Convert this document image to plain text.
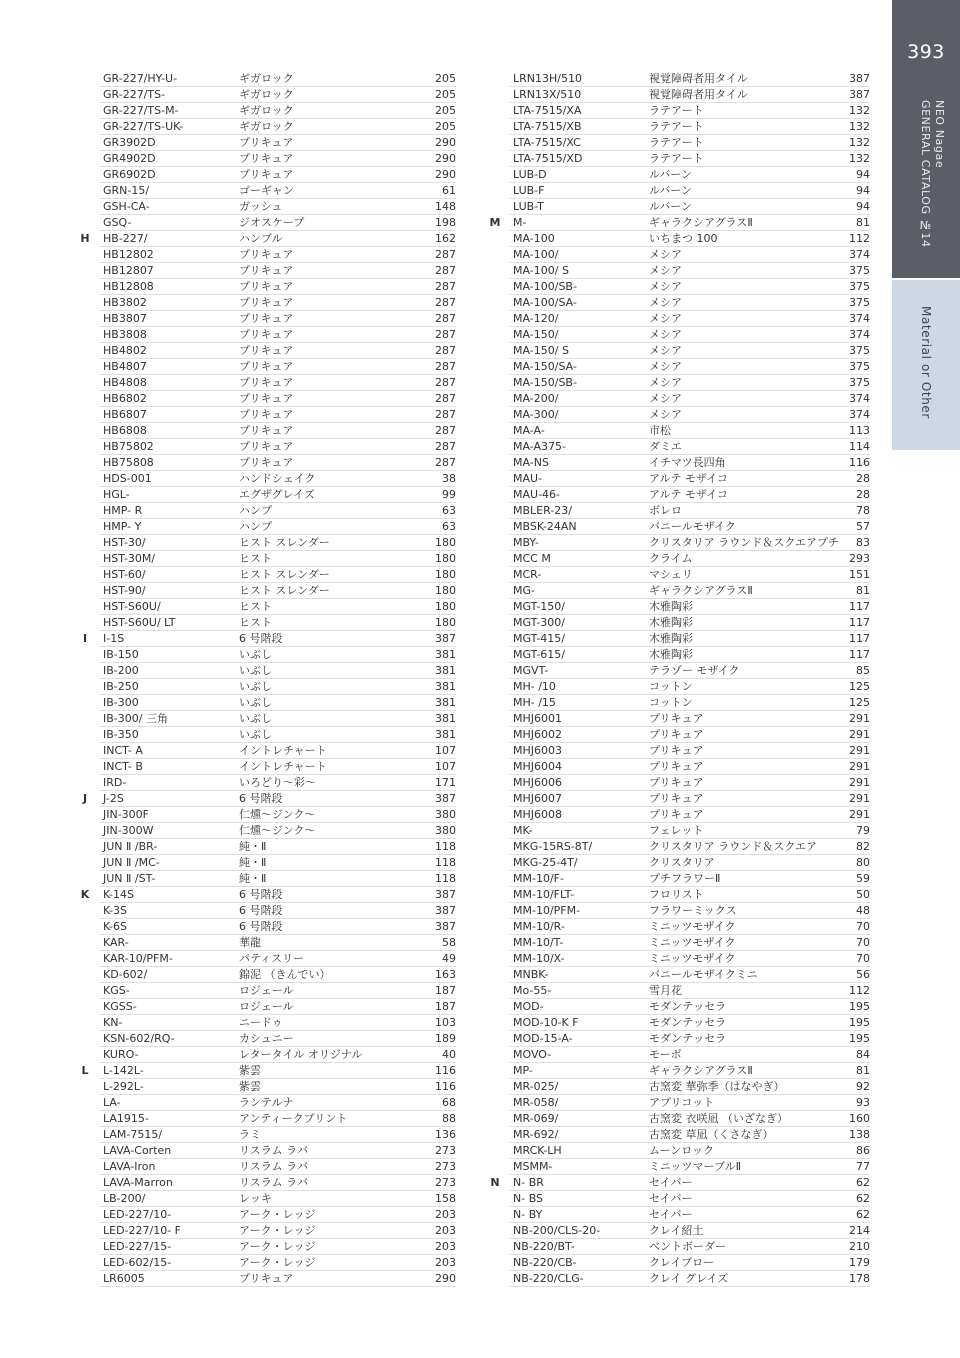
GR-227/HY-U-	ギガロック	205
GR-227/TS-	ギガロック	205
GR-227/TS-M-	ギガロック	205
GR-227/TS-UK-	ギガロック	205
GR3902D	プリキュア	290
GR4902D	プリキュア	290
GR6902D	プリキュア	290
GRN-15/	ゴーギャン	61
GSH-CA-	ガッシュ	148
GSQ-	ジオスケープ	198
H HB-227/	ハンブル	162
HB12802	プリキュア	287
HB12807	プリキュア	287
HB12808	プリキュア	287
HB3802	プリキュア	287
HB3807	プリキュア	287
HB3808	プリキュア	287
HB4802	プリキュア	287
HB4807	プリキュア	287
HB4808	プリキュア	287
HB6802	プリキュア	287
HB6807	プリキュア	287
HB6808	プリキュア	287
HB75802	プリキュア	287
HB75808	プリキュア	287
HDS-001	ハンドシェイク	38
HGL-	エグザグレイズ	99
HMP- R	ハンプ	63
HMP- Y	ハンプ	63
HST-30/	ヒスト スレンダー	180
HST-30M/	ヒスト	180
HST-60/	ヒスト スレンダー	180
HST-90/	ヒスト スレンダー	180
HST-S60U/	ヒスト	180
HST-S60U/ LT	ヒスト	180
I	I-1S	6 号階段	387
IB-150	いぶし	381
IB-200	いぶし	381
IB-250	いぶし	381
IB-300	いぶし	381
IB-300/ 三角	いぶし	381
IB-350	いぶし	381
INCT- A	イントレチャート	107
INCT- B	イントレチャート	107
IRD-	いろどり〜彩〜	171
J	J-2S	6 号階段	387
JIN-300F	仁燻〜ジンク〜	380
JIN-300W	仁燻〜ジンク〜	380
JUN Ⅱ /BR-	純・Ⅱ	118
JUN Ⅱ /MC-	純・Ⅱ	118
JUN Ⅱ /ST-	純・Ⅱ	118
K K-14S	6 号階段	387
K-3S	6 号階段	387
K-6S	6 号階段	387
KAR-	華龍	58
KAR-10/PFM-	パティスリー	49
KD-602/	錦泥 （きんでい）	163
KGS-	ロジェール	187
KGSS-	ロジェール	187
KN-	ニードゥ	103
KSN-602/RQ-	カシュニー	189
KURO-	レタータイル オリジナル	40
L	L-142L-	紫雲	116
L-292L-	紫雲	116
LA-	ランテルナ	68
LA1915-	アンティークプリント	88
LAM-7515/	ラミ	136
LAVA-Corten	リスラム ラバ	273
LAVA-Iron	リスラム ラバ	273
LAVA-Marron	リスラム ラバ	273
LB-200/	レッキ	158
LED-227/10-	アーク・レッジ	203
LED-227/10- F	アーク・レッジ	203
LED-227/15-	アーク・レッジ	203
LED-602/15-	アーク・レッジ	203
LR6005	プリキュア	290
LRN13H/510	視覚障碍者用タイル	387
LRN13X/510	視覚障碍者用タイル	387
LTA-7515/XA	ラテアート	132
LTA-7515/XB	ラテアート	132
LTA-7515/XC	ラテアート	132
LTA-7515/XD	ラテアート	132
LUB-D	ルバーン	94
LUB-F	ルバーン	94
LUB-T	ルバーン	94
M M-	ギャラクシアグラスⅡ	81
MA-100	いちまつ 100	112
MA-100/	メシア	374
MA-100/ S	メシア	375
MA-100/SB-	メシア	375
MA-100/SA-	メシア	375
MA-120/	メシア	374
MA-150/	メシア	374
MA-150/ S	メシア	375
MA-150/SA-	メシア	375
MA-150/SB-	メシア	375
MA-200/	メシア	374
MA-300/	メシア	374
MA-A-	市松	113
MA-A375-	ダミエ	114
MA-NS	イチマツ長四角	116
MAU-	アルテ モザイコ	28
MAU-46-	アルテ モザイコ	28
MBLER-23/	ボレロ	78
MBSK-24AN	バニールモザイク	57
MBY-	クリスタリア ラウンド＆スクエアプチ 83
MCC M	クライム	293
MCR-	マシェリ	151
MG-	ギャラクシアグラスⅡ	81
MGT-150/	木雅陶彩	117
MGT-300/	木雅陶彩	117
MGT-415/	木雅陶彩	117
MGT-615/	木雅陶彩	117
MGVT-	テラゾー モザイク	85
MH- /10	コットン	125
MH- /15	コットン	125
MHJ6001	プリキュア	291
MHJ6002	プリキュア	291
MHJ6003	プリキュア	291
MHJ6004	プリキュア	291
MHJ6006	プリキュア	291
MHJ6007	プリキュア	291
MHJ6008	プリキュア	291
MK-	フェレット	79
MKG-15RS-8T/	クリスタリア ラウンド＆スクエア	82
MKG-25-4T/	クリスタリア	80
MM-10/F-	プチフラワーⅡ	59
MM-10/FLT-	フロリスト	50
MM-10/PFM-	フラワーミックス	48
MM-10/R-	ミニッツモザイク	70
MM-10/T-	ミニッツモザイク	70
MM-10/X-	ミニッツモザイク	70
MNBK-	バニールモザイクミニ	56
Mo-55-	雪月花	112
MOD-	モダンテッセラ	195
MOD-10-K F	モダンテッセラ	195
MOD-15-A-	モダンテッセラ	195
MOVO-	モーボ	84
MP-	ギャラクシアグラスⅡ	81
MR-025/	古窯変 華弥季（はなやぎ）	92
MR-058/	アプリコット	93
MR-069/	古窯変 衣咲凪 （いざなぎ）	160
MR-692/	古窯変 草凪（くさなぎ）	138
MRCK-LH	ムーンロック	86
MSMM-	ミニッツマーブルⅡ	77
N N- BR	セイバー	62
N- BS	セイバー	62
N- BY	セイバー	62
NB-200/CLS-20-	クレイ紹土	214
NB-220/BT-	ベントボーダー	210
NB-220/CB-	クレイブロー	179
NB-220/CLG-	クレイ グレイズ	178
393
NEO Nagae
GENERAL CATALOG №14
Material or Other
